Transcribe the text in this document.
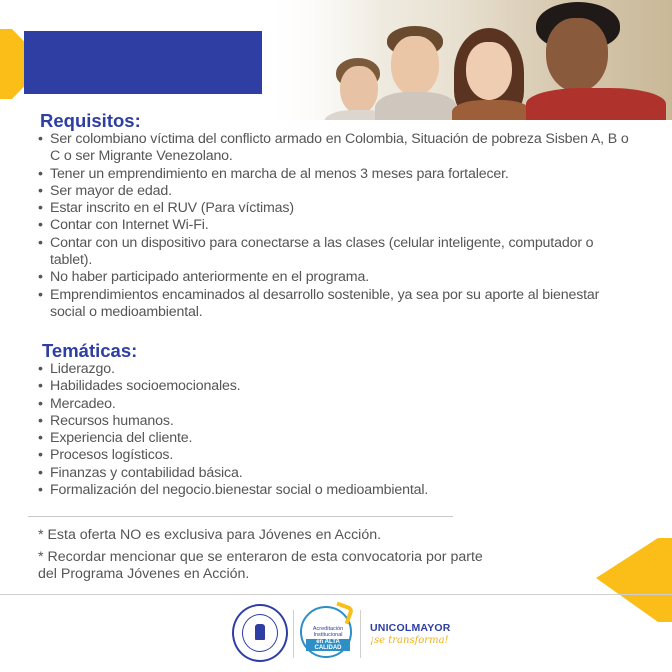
Requisitos:
• Ser colombiano víctima del conflicto armado en Colombia, Situación de pobreza Sisben A, B o C o ser Migrante Venezolano.
• Tener un emprendimiento en marcha de al menos 3 meses para fortalecer.
• Ser mayor de edad.
• Estar inscrito en el RUV (Para víctimas)
• Contar con Internet Wi-Fi.
• Contar con un dispositivo para conectarse a las clases (celular inteligente, computador o tablet).
• No haber participado anteriormente en el programa.
• Emprendimientos encaminados al desarrollo sostenible, ya sea por su aporte al bienestar social o medioambiental.
Temáticas:
• Liderazgo.
• Habilidades socioemocionales.
• Mercadeo.
• Recursos humanos.
• Experiencia del cliente.
• Procesos logísticos.
• Finanzas y contabilidad básica.
• Formalización del negocio.bienestar social o medioambiental.
* Esta oferta NO es exclusiva para Jóvenes en Acción.
* Recordar mencionar que se enteraron de esta convocatoria por parte del Programa Jóvenes en Acción.
Acreditación
Institucional
en ALTA CALIDAD
UNICOLMAYOR
¡se transforma!
